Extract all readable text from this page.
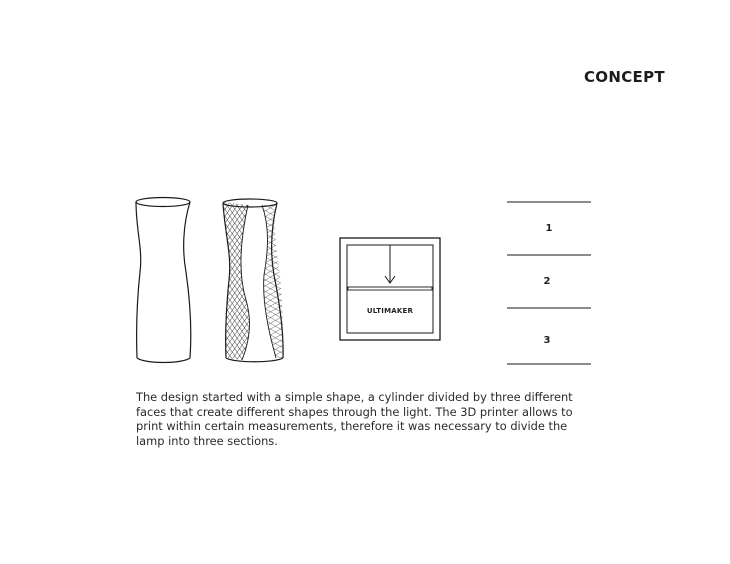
CONCEPT
ULTIMAKER
1
2
3

The design started with a simple shape, a cylinder divided by three different faces that create different shapes through the light. The 3D printer allows to print within certain measurements, therefore it was necessary to divide the lamp into three sections.
